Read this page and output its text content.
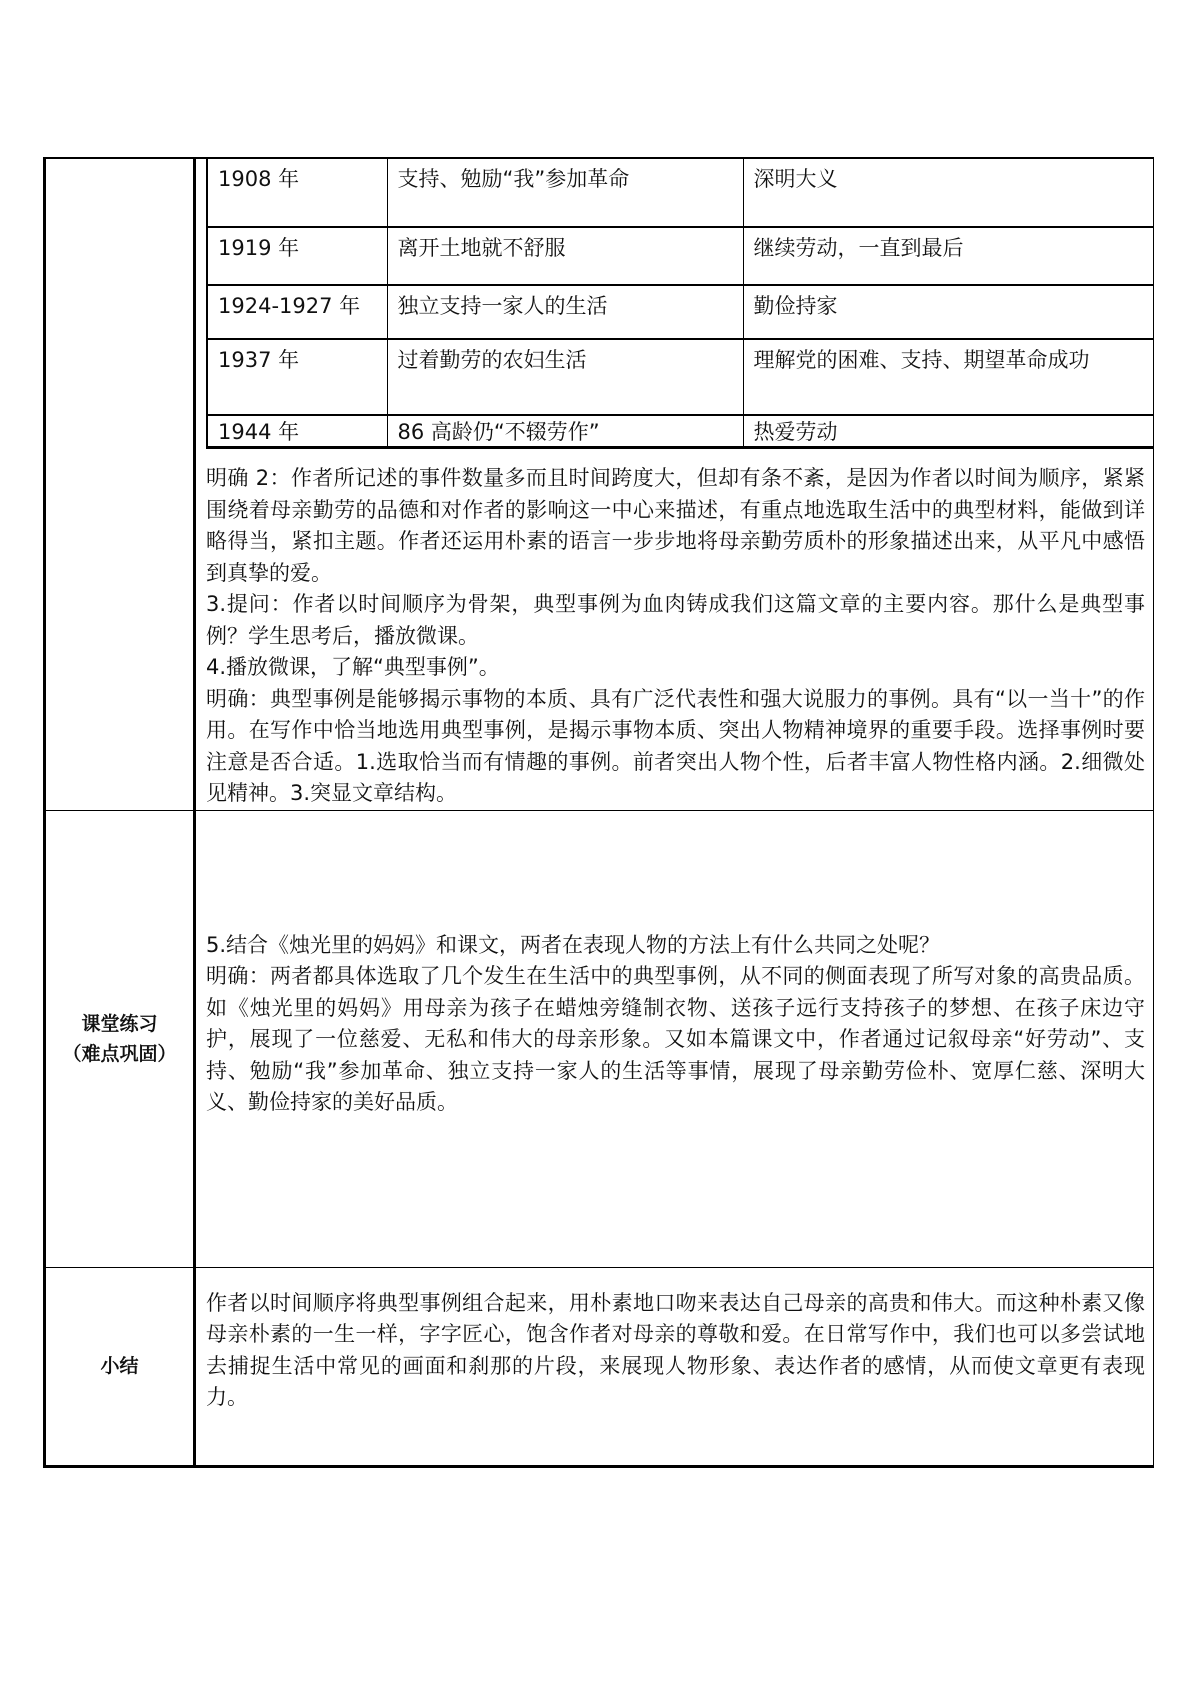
1908 年	支持、勉励“我”参加革命	深明大义
1919 年	离开土地就不舒服	继续劳动，一直到最后
1924-1927 年	独立支持一家人的生活	勤俭持家
1937 年	过着勤劳的农妇生活	理解党的困难、支持、期望革命成功
1944 年	86 高龄仍“不辍劳作”	热爱劳动

明确 2：作者所记述的事件数量多而且时间跨度大，但却有条不紊，是因为作者以时间为顺序，紧紧围绕着母亲勤劳的品德和对作者的影响这一中心来描述，有重点地选取生活中的典型材料，能做到详略得当，紧扣主题。作者还运用朴素的语言一步步地将母亲勤劳质朴的形象描述出来，从平凡中感悟到真挚的爱。

3.提问：作者以时间顺序为骨架，典型事例为血肉铸成我们这篇文章的主要内容。那什么是典型事例？学生思考后，播放微课。

4.播放微课，了解“典型事例”。

明确：典型事例是能够揭示事物的本质、具有广泛代表性和强大说服力的事例。具有“以一当十”的作用。在写作中恰当地选用典型事例，是揭示事物本质、突出人物精神境界的重要手段。选择事例时要注意是否合适。1.选取恰当而有情趣的事例。前者突出人物个性，后者丰富人物性格内涵。2.细微处见精神。3.突显文章结构。

课堂练习
（难点巩固）

5.结合《烛光里的妈妈》和课文，两者在表现人物的方法上有什么共同之处呢？

明确：两者都具体选取了几个发生在生活中的典型事例，从不同的侧面表现了所写对象的高贵品质。如《烛光里的妈妈》用母亲为孩子在蜡烛旁缝制衣物、送孩子远行支持孩子的梦想、在孩子床边守护，展现了一位慈爱、无私和伟大的母亲形象。又如本篇课文中，作者通过记叙母亲“好劳动”、支持、勉励“我”参加革命、独立支持一家人的生活等事情，展现了母亲勤劳俭朴、宽厚仁慈、深明大义、勤俭持家的美好品质。

小结

作者以时间顺序将典型事例组合起来，用朴素地口吻来表达自己母亲的高贵和伟大。而这种朴素又像母亲朴素的一生一样，字字匠心，饱含作者对母亲的尊敬和爱。在日常写作中，我们也可以多尝试地去捕捉生活中常见的画面和刹那的片段，来展现人物形象、表达作者的感情，从而使文章更有表现力。
